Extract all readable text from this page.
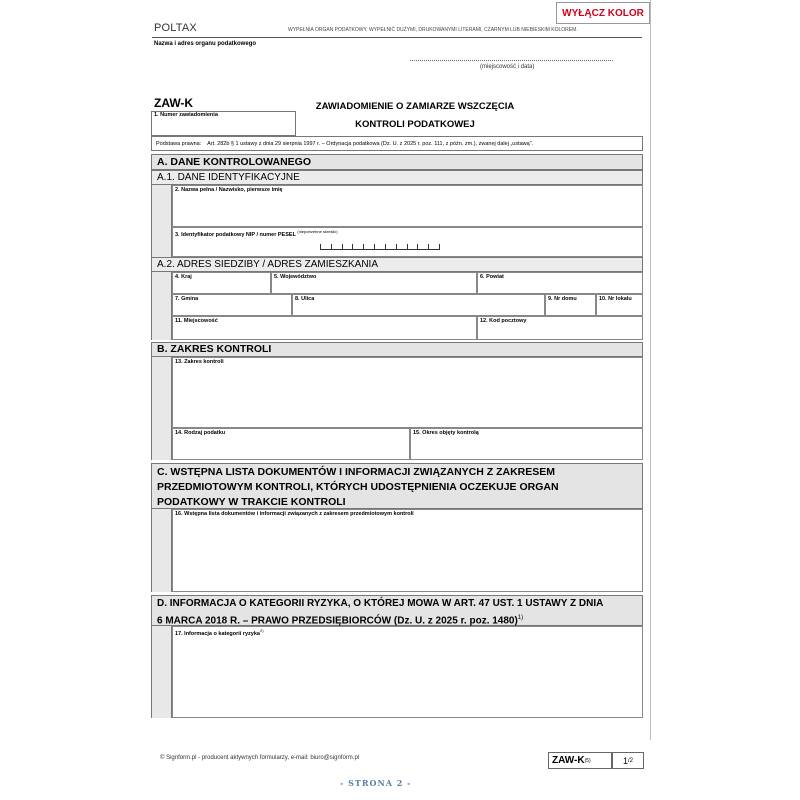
WYŁĄCZ KOLOR
POLTAX	WYPEŁNIA ORGAN PODATKOWY. WYPEŁNIĆ DUŻYMI, DRUKOWANYMI LITERAMI, CZARNYM LUB NIEBIESKIM KOLOREM.
Nazwa i adres organu podatkowego
(miejscowość i data)
ZAW-K	ZAWIADOMIENIE O ZAMIARZE WSZCZĘCIA
KONTROLI PODATKOWEJ
1. Numer zawiadomienia
Podstawa prawna: Art. 282b § 1 ustawy z dnia 29 sierpnia 1997 r. – Ordynacja podatkowa (Dz. U. z 2025 r. poz. 111, z późn. zm.), zwanej dalej „ustawą”.
A. DANE KONTROLOWANEGO
A.1. DANE IDENTYFIKACYJNE
2. Nazwa pełna / Nazwisko, pierwsze imię
3. Identyfikator podatkowy NIP / numer PESEL $^{(niepotrzebne skreślić)}$
A.2. ADRES SIEDZIBY / ADRES ZAMIESZKANIA
4. Kraj	5. Województwo	6. Powiat
7. Gmina	8. Ulica	9. Nr domu	10. Nr lokalu
11. Miejscowość	12. Kod pocztowy
B. ZAKRES KONTROLI
13. Zakres kontroli
14. Rodzaj podatku	15. Okres objęty kontrolą
C. WSTĘPNA LISTA DOKUMENTÓW I INFORMACJI ZWIĄZANYCH Z ZAKRESEM
PRZEDMIOTOWYM KONTROLI, KTÓRYCH UDOSTĘPNIENIA OCZEKUJE ORGAN
PODATKOWY W TRAKCIE KONTROLI
16. Wstępna lista dokumentów i informacji związanych z zakresem przedmiotowym kontroli
D. INFORMACJA O KATEGORII RYZYKA, O KTÓREJ MOWA W ART. 47 UST. 1 USTAWY Z DNIA
6 MARCA 2018 R. – PRAWO PRZEDSIĘBIORCÓW (Dz. U. z 2025 r. poz. 1480)$^{1)}$
17. Informacja o kategorii ryzyka$^{2)}$
© Signform.pl - producent aktywnych formularzy, e-mail: biuro@signform.pl	ZAW-K (5)	1 /2
- STRONA 2 -
